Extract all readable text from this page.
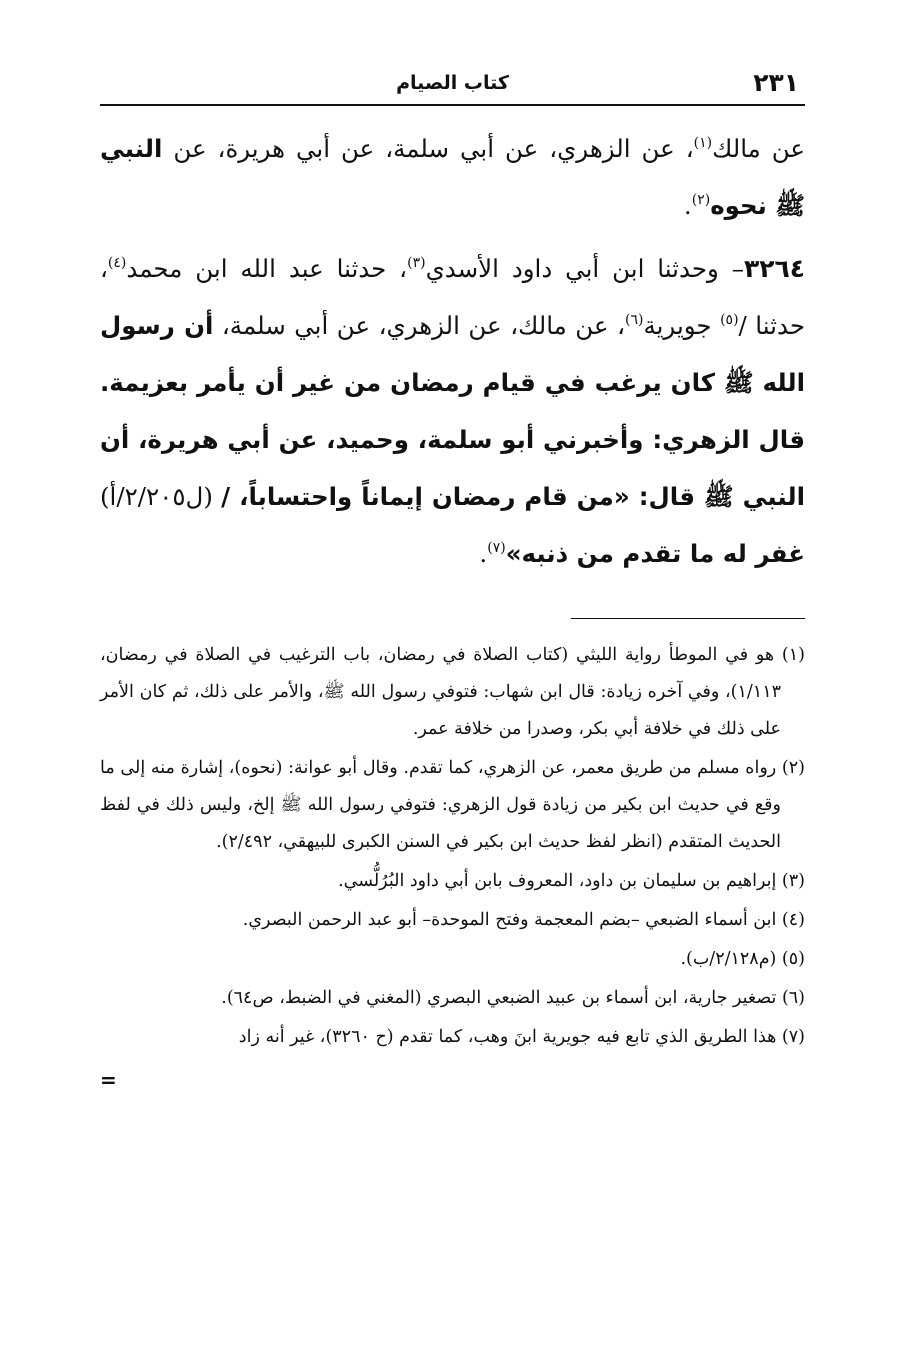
٢٣١
كتاب الصيام

عن مالك$^{(١)}$، عن الزهري، عن أبي سلمة، عن أبي هريرة، عن النبي ﷺ نحوه$^{(٢)}$.

٣٢٦٤– وحدثنا ابن أبي داود الأسدي$^{(٣)}$، حدثنا عبد الله ابن محمد$^{(٤)}$، حدثنا /$^{(٥)}$ جويرية$^{(٦)}$، عن مالك، عن الزهري، عن أبي سلمة، أن رسول الله ﷺ كان يرغب في قيام رمضان من غير أن يأمر بعزيمة. قال الزهري: وأخبرني أبو سلمة، وحميد، عن أبي هريرة، أن النبي ﷺ قال: «من قام رمضان إيماناً واحتساباً، / (ل٢/٢٠٥/أ) غفر له ما تقدم من ذنبه»$^{(٧)}$.

(١) هو في الموطأ رواية الليثي (كتاب الصلاة في رمضان، باب الترغيب في الصلاة في رمضان، ١/١١٣)، وفي آخره زيادة: قال ابن شهاب: فتوفي رسول الله ﷺ، والأمر على ذلك، ثم كان الأمر على ذلك في خلافة أبي بكر، وصدرا من خلافة عمر.

(٢) رواه مسلم من طريق معمر، عن الزهري، كما تقدم. وقال أبو عوانة: (نحوه)، إشارة منه إلى ما وقع في حديث ابن بكير من زيادة قول الزهري: فتوفي رسول الله ﷺ إلخ، وليس ذلك في لفظ الحديث المتقدم (انظر لفظ حديث ابن بكير في السنن الكبرى للبيهقي، ٢/٤٩٢).

(٣) إبراهيم بن سليمان بن داود، المعروف بابن أبي داود البُرُلُّسي.

(٤) ابن أسماء الضبعي –بضم المعجمة وفتح الموحدة– أبو عبد الرحمن البصري.

(٥) (م٢/١٢٨/ب).

(٦) تصغير جارية، ابن أسماء بن عبيد الضبعي البصري (المغني في الضبط، ص٦٤).

(٧) هذا الطريق الذي تابع فيه جويرية ابنَ وهب، كما تقدم (ح ٣٢٦٠)، غير أنه زاد

=
